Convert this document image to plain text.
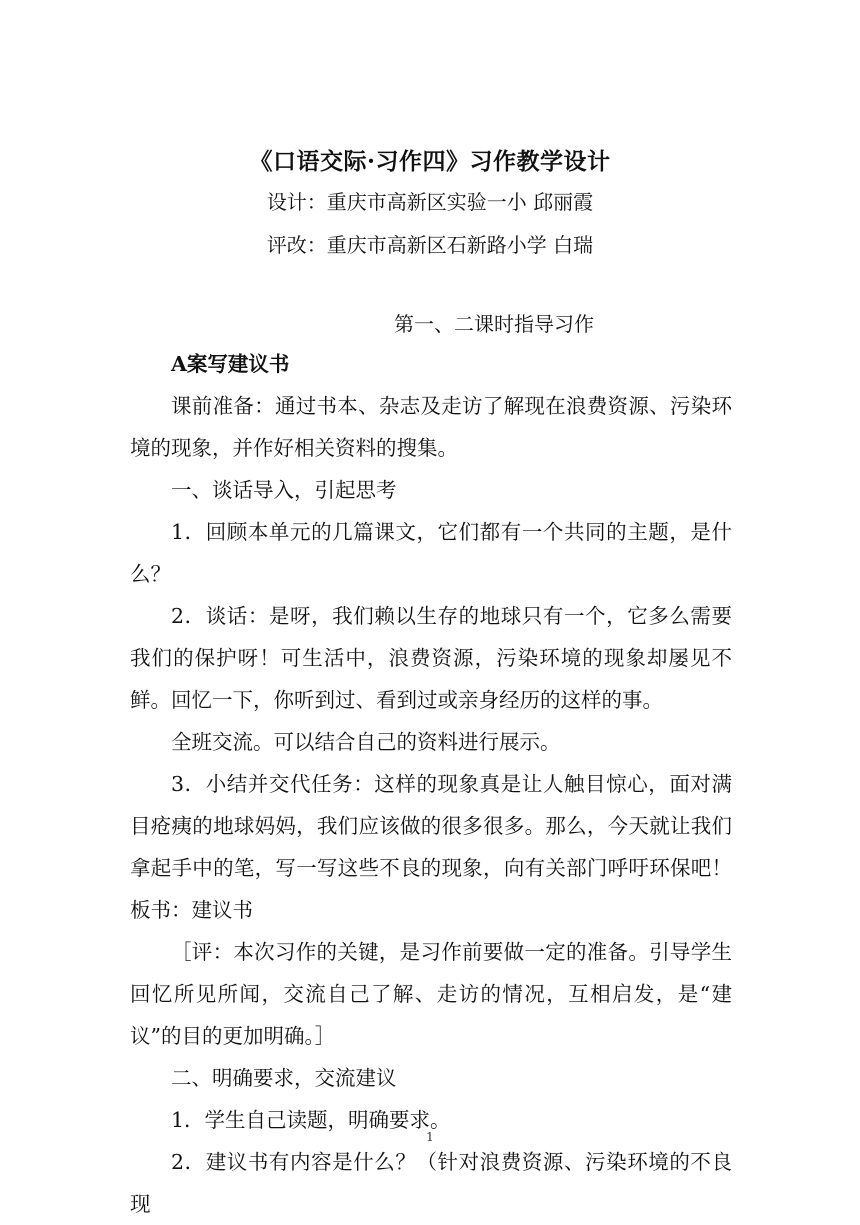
《口语交际·习作四》习作教学设计
设计：重庆市高新区实验一小 邱丽霞
评改：重庆市高新区石新路小学 白瑞
第一、二课时指导习作

A案写建议书

课前准备：通过书本、杂志及走访了解现在浪费资源、污染环境的现象，并作好相关资料的搜集。

一、谈话导入，引起思考

1．回顾本单元的几篇课文，它们都有一个共同的主题，是什么？

2．谈话：是呀，我们赖以生存的地球只有一个，它多么需要我们的保护呀！可生活中，浪费资源，污染环境的现象却屡见不鲜。回忆一下，你听到过、看到过或亲身经历的这样的事。

全班交流。可以结合自己的资料进行展示。

3．小结并交代任务：这样的现象真是让人触目惊心，面对满目疮痍的地球妈妈，我们应该做的很多很多。那么，今天就让我们拿起手中的笔，写一写这些不良的现象，向有关部门呼吁环保吧！板书：建议书

［评：本次习作的关键，是习作前要做一定的准备。引导学生回忆所见所闻，交流自己了解、走访的情况，互相启发，是“建议”的目的更加明确。］

二、明确要求，交流建议

1．学生自己读题，明确要求。

2．建议书有内容是什么？（针对浪费资源、污染环境的不良现

1
